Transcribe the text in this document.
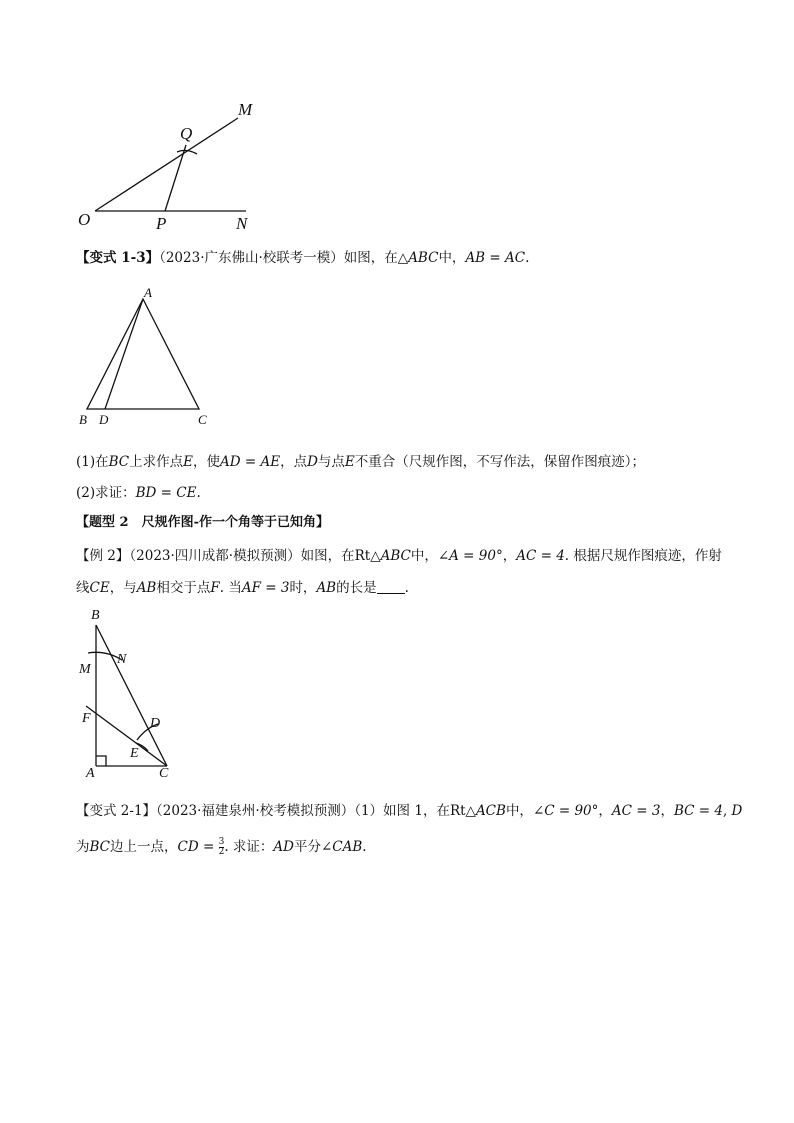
M
Q
O	P	N
【变式 1-3】（2023·广东佛山·校联考一模）如图，在△ABC中，AB = AC.
A
B D	C
(1)在BC上求作点E，使AD = AE，点D与点E不重合（尺规作图，不写作法，保留作图痕迹）；
(2)求证：BD = CE.
【题型 2　尺规作图-作一个角等于已知角】
【例 2】（2023·四川成都·模拟预测）如图，在Rt△ABC中，∠A = 90°，AC = 4. 根据尺规作图痕迹，作射
线CE，与AB相交于点F. 当AF = 3时，AB的长是 .
B
M
N
F	D
E
A	C
【变式 2-1】（2023·福建泉州·校考模拟预测）（1）如图 1，在Rt△ACB中，∠C = 90°，AC = 3，BC = 4, D
为BC边上一点，CD = $\frac{3}{2}$ . 求证：AD平分∠CAB.
